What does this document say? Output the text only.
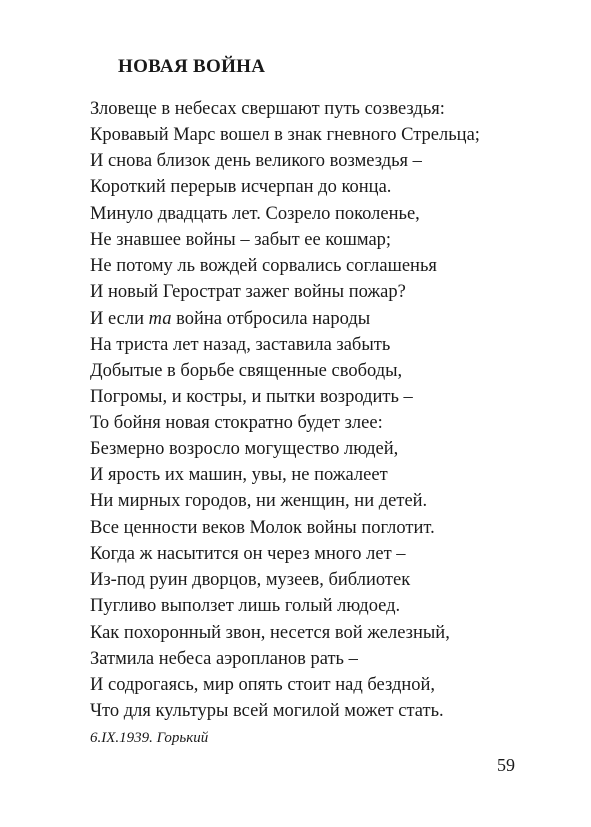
НОВАЯ ВОЙНА
Зловеще в небесах свершают путь созвездья:
Кровавый Марс вошел в знак гневного Стрельца;
И снова близок день великого возмездья –
Короткий перерыв исчерпан до конца.
Минуло двадцать лет. Созрело поколенье,
Не знавшее войны – забыт ее кошмар;
Не потому ль вождей сорвались соглашенья
И новый Герострат зажег войны пожар?
И если та война отбросила народы
На триста лет назад, заставила забыть
Добытые в борьбе священные свободы,
Погромы, и костры, и пытки возродить –
То бойня новая стократно будет злее:
Безмерно возросло могущество людей,
И ярость их машин, увы, не пожалеет
Ни мирных городов, ни женщин, ни детей.
Все ценности веков Молок войны поглотит.
Когда ж насытится он через много лет –
Из-под руин дворцов, музеев, библиотек
Пугливо выползет лишь голый людоед.
Как похоронный звон, несется вой железный,
Затмила небеса аэропланов рать –
И содрогаясь, мир опять стоит над бездной,
Что для культуры всей могилой может стать.
6.IX.1939. Горький
59
